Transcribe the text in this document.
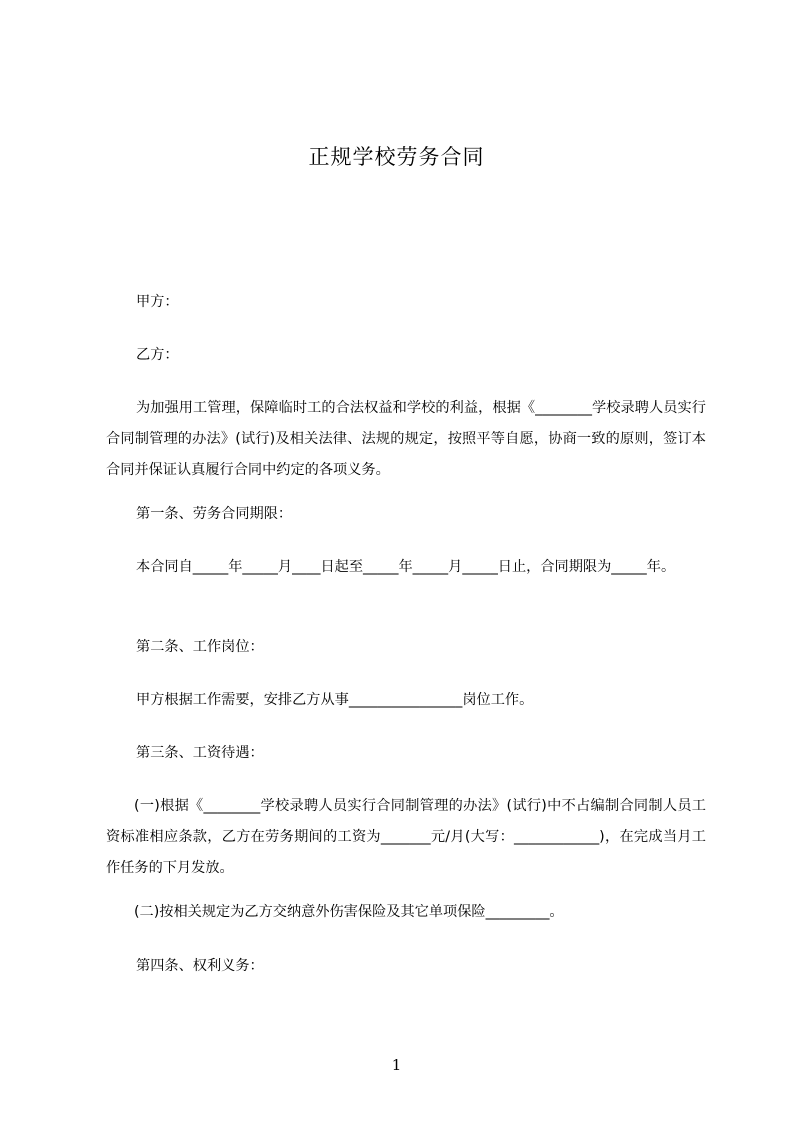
正规学校劳务合同
甲方：
乙方：
为加强用工管理，保障临时工的合法权益和学校的利益，根据《________学校录聘人员实行合同制管理的办法》(试行)及相关法律、法规的规定，按照平等自愿，协商一致的原则，签订本合同并保证认真履行合同中约定的各项义务。
第一条、劳务合同期限：
本合同自_____年_____月____日起至_____年_____月_____日止，合同期限为_____年。
第二条、工作岗位：
甲方根据工作需要，安排乙方从事________________岗位工作。
第三条、工资待遇：
(一)根据《________学校录聘人员实行合同制管理的办法》(试行)中不占编制合同制人员工资标准相应条款，乙方在劳务期间的工资为_______元/月(大写：____________)，在完成当月工作任务的下月发放。
(二)按相关规定为乙方交纳意外伤害保险及其它单项保险_________。
第四条、权利义务：
1
